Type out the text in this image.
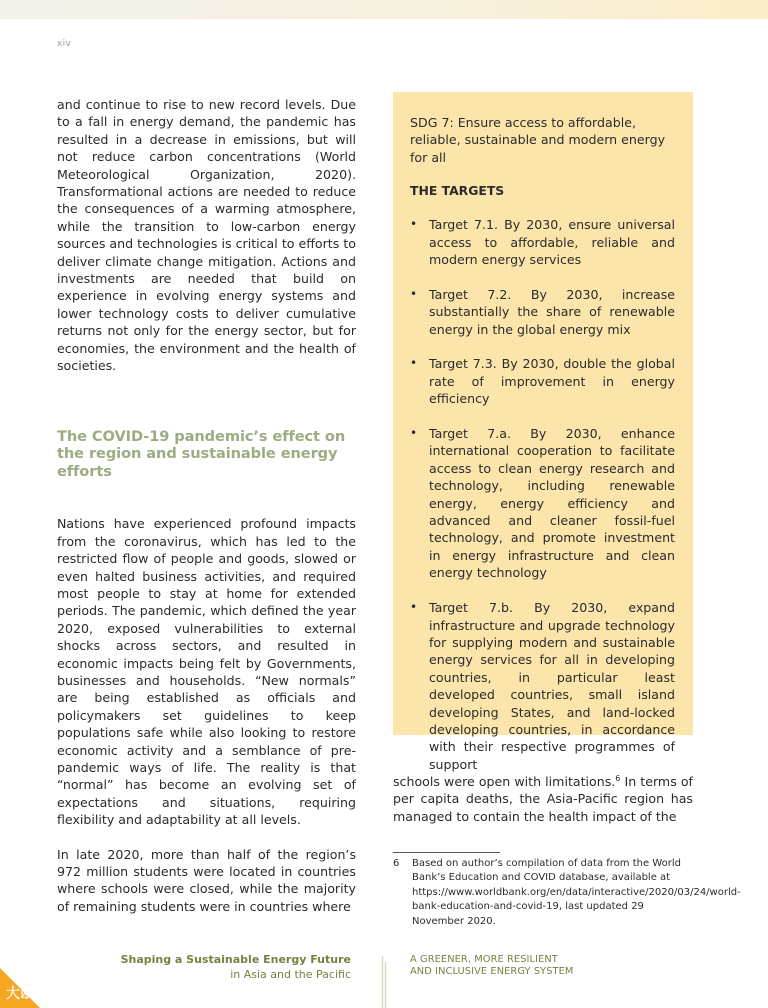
xiv

and continue to rise to new record levels. Due to a fall in energy demand, the pandemic has resulted in a decrease in emissions, but will not reduce carbon concentrations (World Meteorological Organization, 2020). Transformational actions are needed to reduce the consequences of a warming atmosphere, while the transition to low-carbon energy sources and technologies is critical to efforts to deliver climate change mitigation. Actions and investments are needed that build on experience in evolving energy systems and lower technology costs to deliver cumulative returns not only for the energy sector, but for economies, the environment and the health of societies.

The COVID-19 pandemic’s effect on the region and sustainable energy efforts

Nations have experienced profound impacts from the coronavirus, which has led to the restricted flow of people and goods, slowed or even halted business activities, and required most people to stay at home for extended periods. The pandemic, which defined the year 2020, exposed vulnerabilities to external shocks across sectors, and resulted in economic impacts being felt by Governments, businesses and households. “New normals” are being established as officials and policymakers set guidelines to keep populations safe while also looking to restore economic activity and a semblance of pre-pandemic ways of life. The reality is that “normal” has become an evolving set of expectations and situations, requiring flexibility and adaptability at all levels.

In late 2020, more than half of the region’s 972 million students were located in countries where schools were closed, while the majority of remaining students were in countries where

SDG 7: Ensure access to affordable, reliable, sustainable and modern energy for all

THE TARGETS

• Target 7.1. By 2030, ensure universal access to affordable, reliable and modern energy services
• Target 7.2. By 2030, increase substantially the share of renewable energy in the global energy mix
• Target 7.3. By 2030, double the global rate of improvement in energy efficiency
• Target 7.a. By 2030, enhance international cooperation to facilitate access to clean energy research and technology, including renewable energy, energy efficiency and advanced and cleaner fossil-fuel technology, and promote investment in energy infrastructure and clean energy technology
• Target 7.b. By 2030, expand infrastructure and upgrade technology for supplying modern and sustainable energy services for all in developing countries, in particular least developed countries, small island developing States, and land-locked developing countries, in accordance with their respective programmes of support

schools were open with limitations.$^6$ In terms of per capita deaths, the Asia-Pacific region has managed to contain the health impact of the

6 Based on author’s compilation of data from the World Bank’s Education and COVID database, available at https://www.worldbank.org/en/data/interactive/2020/03/24/world-bank-education-and-covid-19, last updated 29 November 2020.
Shaping a Sustainable Energy Future
in Asia and the Pacific
A GREENER, MORE RESILIENT
AND INCLUSIVE ENERGY SYSTEM
大欧跨境
